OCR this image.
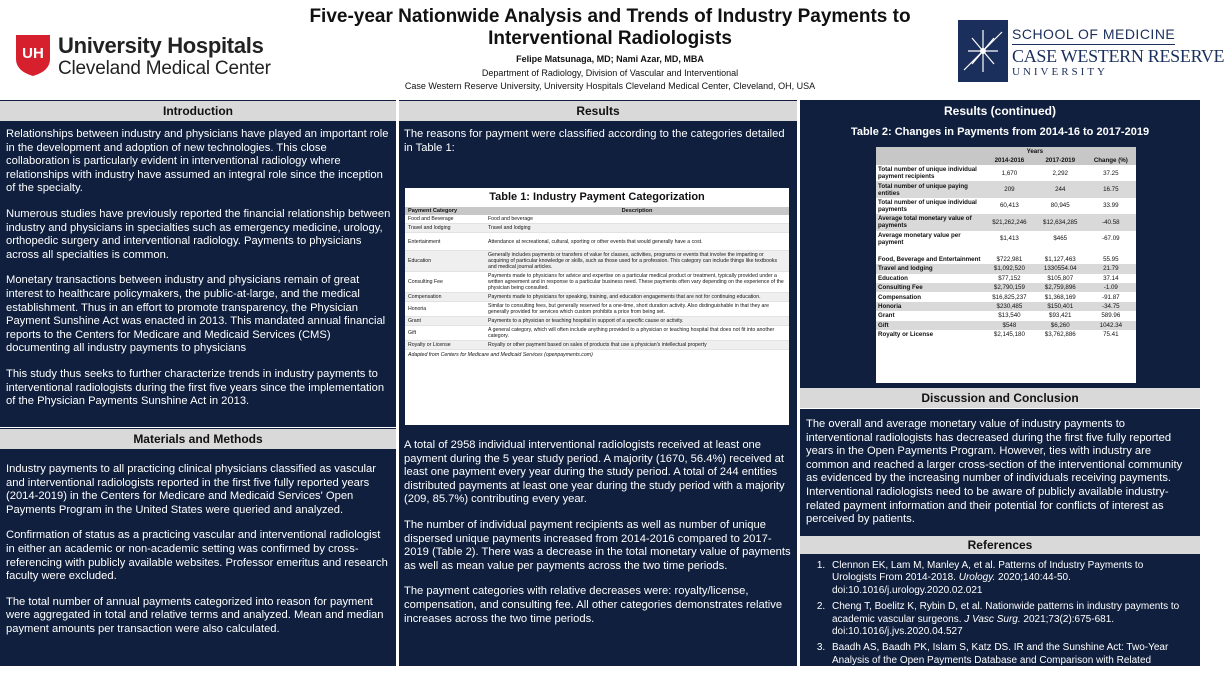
UH University Hospitals
Cleveland Medical Center
Five-year Nationwide Analysis and Trends of Industry Payments to Interventional Radiologists
Felipe Matsunaga, MD; Nami Azar, MD, MBA
Department of Radiology, Division of Vascular and Interventional
Case Western Reserve University, University Hospitals Cleveland Medical Center, Cleveland, OH, USA
SCHOOL OF MEDICINE
CASE WESTERN RESERVE
UNIVERSITY
Introduction

Relationships between industry and physicians have played an important role in the development and adoption of new technologies. This close collaboration is particularly evident in interventional radiology where relationships with industry have assumed an integral role since the inception of the specialty.

Numerous studies have previously reported the financial relationship between industry and physicians in specialties such as emergency medicine, urology, orthopedic surgery and interventional radiology. Payments to physicians across all specialties is common.

Monetary transactions between industry and physicians remain of great interest to healthcare policymakers, the public-at-large, and the medical establishment. Thus in an effort to promote transparency, the Physician Payment Sunshine Act was enacted in 2013. This mandated annual financial reports to the Centers for Medicare and Medicaid Services (CMS) documenting all industry payments to physicians

This study thus seeks to further characterize trends in industry payments to interventional radiologists during the first five years since the implementation of the Physician Payments Sunshine Act in 2013.

Materials and Methods

Industry payments to all practicing clinical physicians classified as vascular and interventional radiologists reported in the first five fully reported years (2014-2019) in the Centers for Medicare and Medicaid Services' Open Payments Program in the United States were queried and analyzed.

Confirmation of status as a practicing vascular and interventional radiologist in either an academic or non-academic setting was confirmed by cross-referencing with publicly available websites. Professor emeritus and research faculty were excluded.

The total number of annual payments categorized into reason for payment were aggregated in total and relative terms and analyzed. Mean and median payment amounts per transaction were also calculated.

Results
The reasons for payment were classified according to the categories detailed in Table 1:
Table 1: Industry Payment Categorization
Payment Category	Description
Food and Beverage	Food and beverage
Travel and lodging	Travel and lodging
Entertainment	Attendance at recreational, cultural, sporting or other events that would generally have a cost.
Education	Generally includes payments or transfers of value for classes, activities, programs or events that involve the imparting or acquiring of particular knowledge or skills, such as those used for a profession. This category can include things like textbooks and medical journal articles.
Consulting Fee	Payments made to physicians for advice and expertise on a particular medical product or treatment, typically provided under a written agreement and in response to a particular business need. These payments often vary depending on the experience of the physician being consulted.
Compensation	Payments made to physicians for speaking, training, and education engagements that are not for continuing education.
Honoria	Similar to consulting fees, but generally reserved for a one-time, short duration activity. Also distinguishable in that they are generally provided for services which custom prohibits a price from being set.
Grant	Payments to a physician or teaching hospital in support of a specific cause or activity.
Gift	A general category, which will often include anything provided to a physician or teaching hospital that does not fit into another category.
Royalty or License	Royalty or other payment based on sales of products that use a physician's intellectual property
Adapted from Centers for Medicare and Medicaid Services (openpayments.com)

A total of 2958 individual interventional radiologists received at least one payment during the 5 year study period. A majority (1670, 56.4%) received at least one payment every year during the study period. A total of 244 entities distributed payments at least one year during the study period with a majority (209, 85.7%) contributing every year.

The number of individual payment recipients as well as number of unique dispersed unique payments increased from 2014-2016 compared to 2017-2019 (Table 2). There was a decrease in the total monetary value of payments as well as mean value per payments across the two time periods.

The payment categories with relative decreases were: royalty/license, compensation, and consulting fee. All other categories demonstrates relative increases across the two time periods.

Results (continued)
Table 2: Changes in Payments from 2014-16 to 2017-2019
	Years		
	2014-2016	2017-2019	Change (%)
Total number of unique individual payment recipients	1,670	2,292	37.25
Total number of unique paying entities	209	244	16.75
Total number of unique individual payments	60,413	80,945	33.99
Average total monetary value of payments	$21,262,246	$12,634,285	-40.58
Average monetary value per payment	$1,413	$465	-67.09

Food, Beverage and Entertainment	$722,981	$1,127,463	55.95
Travel and lodging	$1,092,520	1330554.04	21.79
Education	$77,152	$105,807	37.14
Consulting Fee	$2,790,159	$2,759,896	-1.09
Compensation	$16,825,237	$1,368,169	-91.87
Honoria	$230,485	$150,401	-34.75
Grant	$13,540	$93,421	589.96
Gift	$548	$6,260	1042.34
Royalty or License	$2,145,180	$3,762,886	75.41
Discussion and Conclusion
The overall and average monetary value of industry payments to interventional radiologists has decreased during the first five fully reported years in the Open Payments Program. However, ties with industry are common and reached a larger cross-section of the interventional community as evidenced by the increasing number of individuals receiving payments. Interventional radiologists need to be aware of publicly available industry-related payment information and their potential for conflicts of interest as perceived by patients.
References
1. Clennon EK, Lam M, Manley A, et al. Patterns of Industry Payments to Urologists From 2014-2018. Urology. 2020;140:44-50. doi:10.1016/j.urology.2020.02.021
2. Cheng T, Boelitz K, Rybin D, et al. Nationwide patterns in industry payments to academic vascular surgeons. J Vasc Surg. 2021;73(2):675-681. doi:10.1016/j.jvs.2020.04.527
3. Baadh AS, Baadh PK, Islam S, Katz DS. IR and the Sunshine Act: Two-Year Analysis of the Open Payments Database and Comparison with Related Specialties. J Vasc Interv Radiol. 2017;28(2):200-205. doi:10.1016/j.jvir.2016.10.008
